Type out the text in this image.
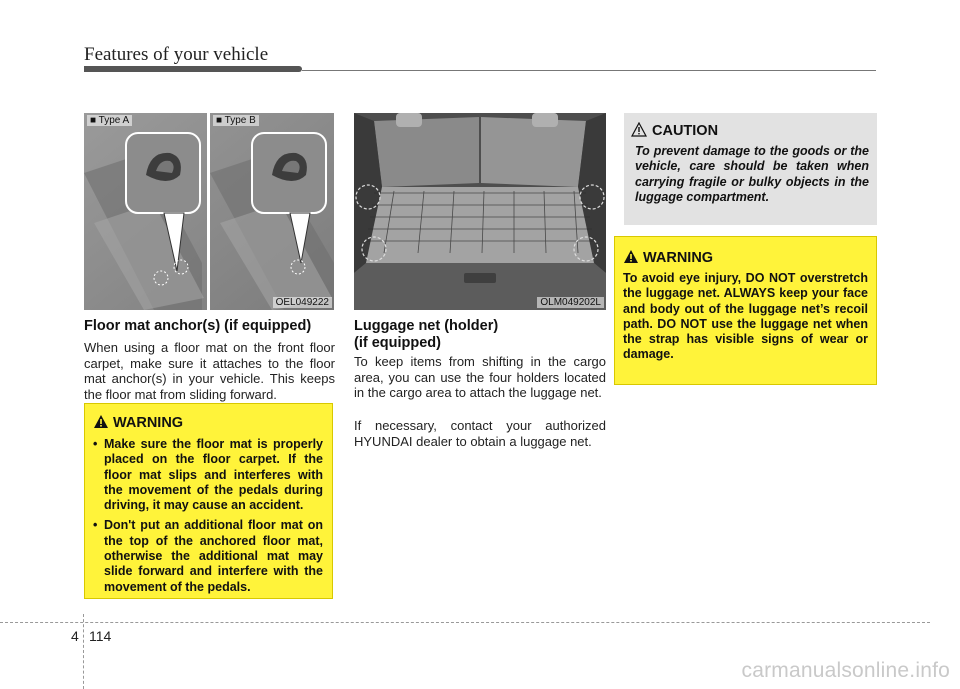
Features of your vehicle
■ Type A	■ Type B
OEL049222	OLM049202L
Floor mat anchor(s) (if equipped)

When using a floor mat on the front floor carpet, make sure it attaches to the floor mat anchor(s) in your vehicle. This keeps the floor mat from sliding forward.

WARNING
• Make sure the floor mat is properly placed on the floor carpet. If the floor mat slips and interferes with the movement of the pedals during driving, it may cause an accident.
• Don't put an additional floor mat on the top of the anchored floor mat, otherwise the additional mat may slide forward and interfere with the movement of the pedals.
Luggage net (holder)
(if equipped)

To keep items from shifting in the cargo area, you can use the four holders located in the cargo area to attach the luggage net.

If necessary, contact your authorized HYUNDAI dealer to obtain a luggage net.

CAUTION

To prevent damage to the goods or the vehicle, care should be taken when carrying fragile or bulky objects in the luggage compartment.

WARNING

To avoid eye injury, DO NOT overstretch the luggage net. ALWAYS keep your face and body out of the luggage net’s recoil path. DO NOT use the luggage net when the strap has visible signs of wear or damage.

4 114
carmanualsonline.info
